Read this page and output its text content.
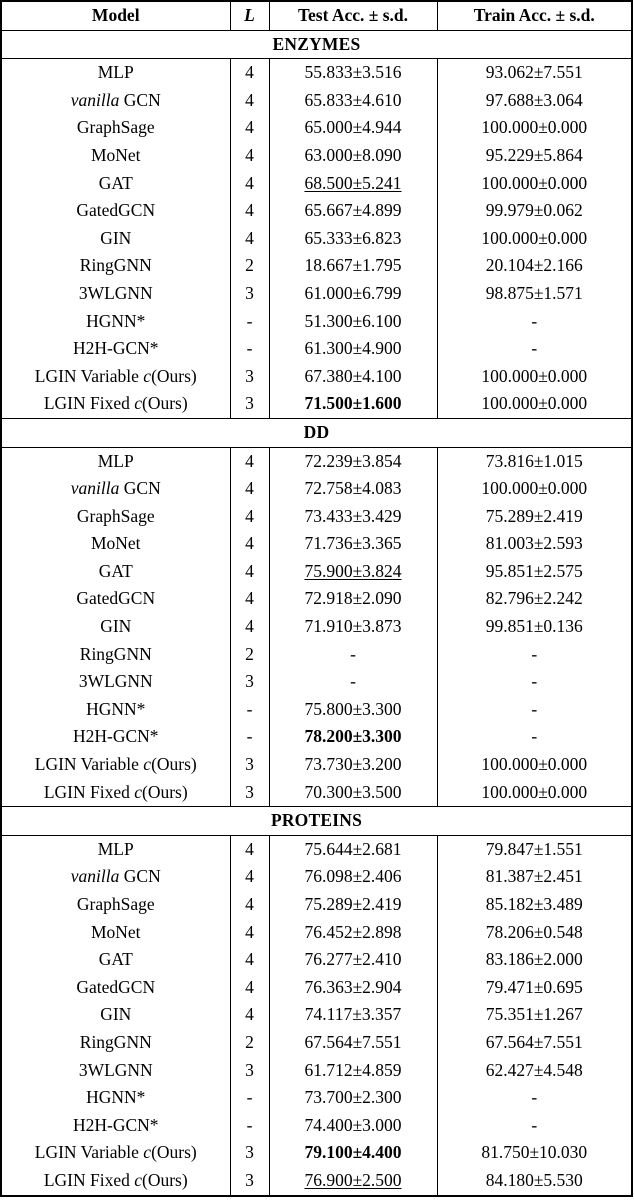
Model	L	Test Acc. ± s.d.	Train Acc. ± s.d.
ENZYMES			
MLP	4	55.833±3.516	93.062±7.551
vanilla GCN	4	65.833±4.610	97.688±3.064
GraphSage	4	65.000±4.944	100.000±0.000
MoNet	4	63.000±8.090	95.229±5.864
GAT	4	68.500±5.241	100.000±0.000
GatedGCN	4	65.667±4.899	99.979±0.062
GIN	4	65.333±6.823	100.000±0.000
RingGNN	2	18.667±1.795	20.104±2.166
3WLGNN	3	61.000±6.799	98.875±1.571
HGNN*	-	51.300±6.100	-
H2H-GCN*	-	61.300±4.900	-
LGIN Variable c(Ours)	3	67.380±4.100	100.000±0.000
LGIN Fixed c(Ours)	3	71.500±1.600	100.000±0.000
DD			
MLP	4	72.239±3.854	73.816±1.015
vanilla GCN	4	72.758±4.083	100.000±0.000
GraphSage	4	73.433±3.429	75.289±2.419
MoNet	4	71.736±3.365	81.003±2.593
GAT	4	75.900±3.824	95.851±2.575
GatedGCN	4	72.918±2.090	82.796±2.242
GIN	4	71.910±3.873	99.851±0.136
RingGNN	2	-	-
3WLGNN	3	-	-
HGNN*	-	75.800±3.300	-
H2H-GCN*	-	78.200±3.300	-
LGIN Variable c(Ours)	3	73.730±3.200	100.000±0.000
LGIN Fixed c(Ours)	3	70.300±3.500	100.000±0.000
PROTEINS			
MLP	4	75.644±2.681	79.847±1.551
vanilla GCN	4	76.098±2.406	81.387±2.451
GraphSage	4	75.289±2.419	85.182±3.489
MoNet	4	76.452±2.898	78.206±0.548
GAT	4	76.277±2.410	83.186±2.000
GatedGCN	4	76.363±2.904	79.471±0.695
GIN	4	74.117±3.357	75.351±1.267
RingGNN	2	67.564±7.551	67.564±7.551
3WLGNN	3	61.712±4.859	62.427±4.548
HGNN*	-	73.700±2.300	-
H2H-GCN*	-	74.400±3.000	-
LGIN Variable c(Ours)	3	79.100±4.400	81.750±10.030
LGIN Fixed c(Ours)	3	76.900±2.500	84.180±5.530
